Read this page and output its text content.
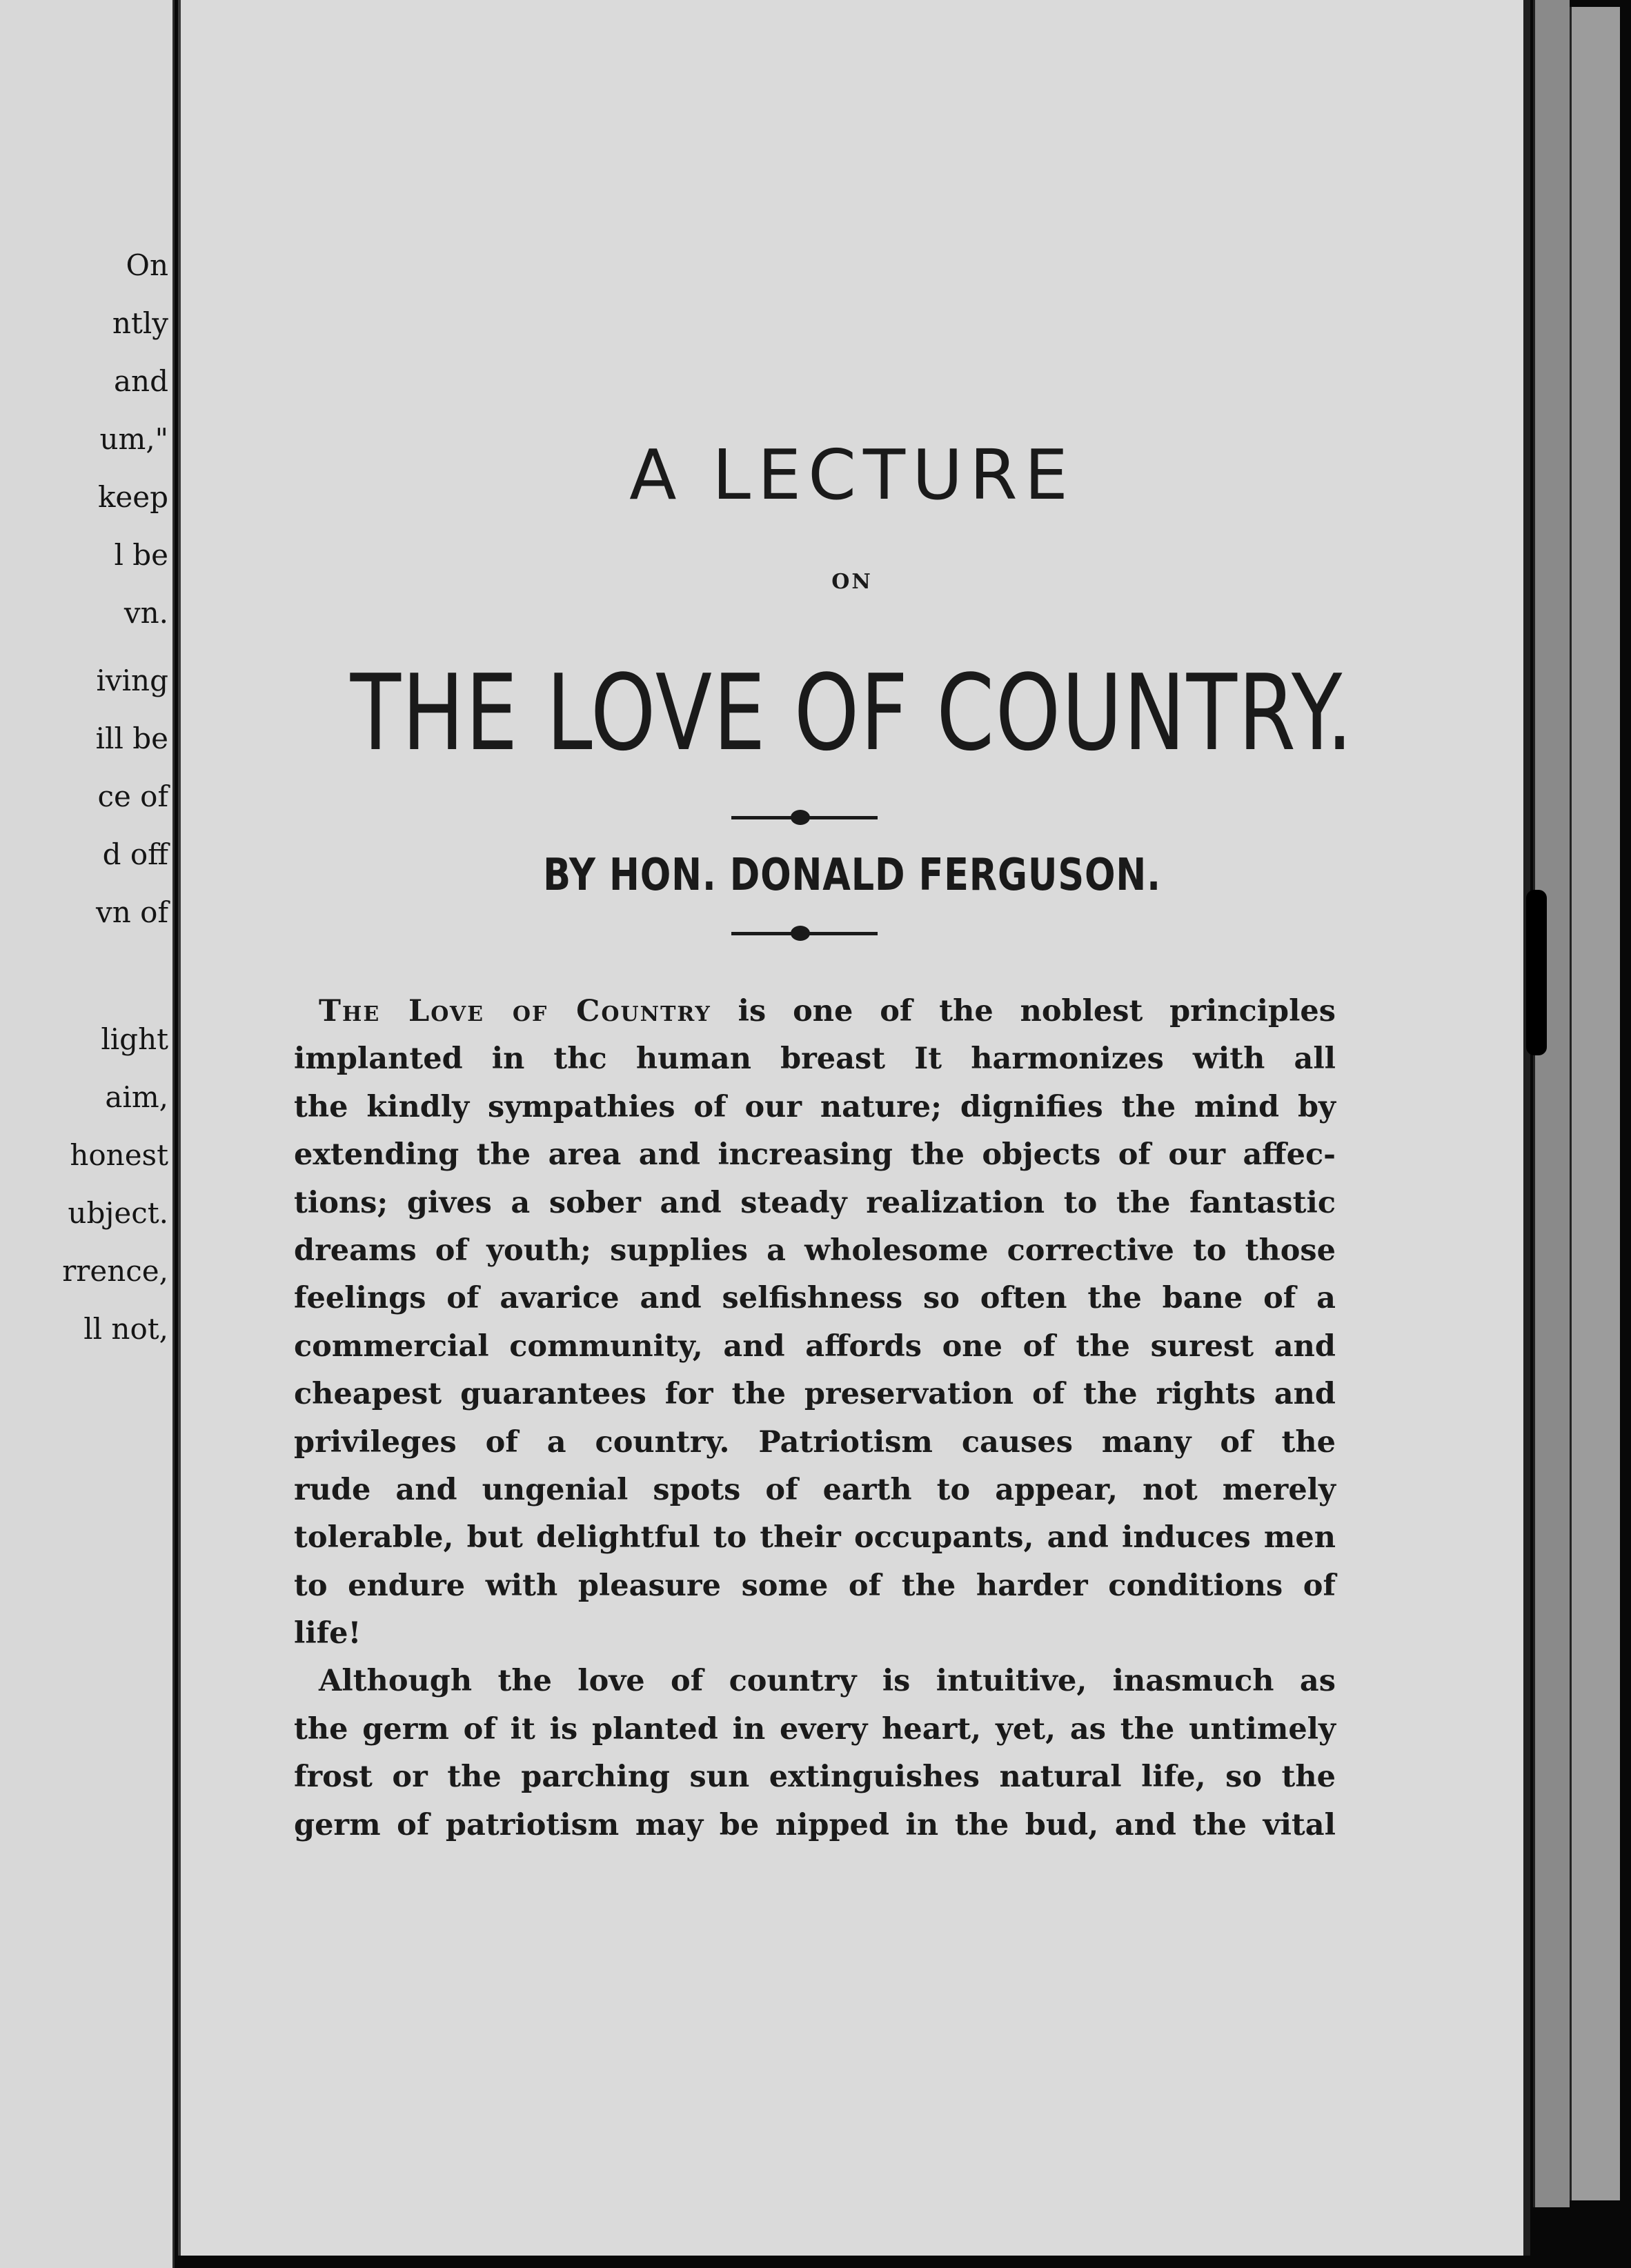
On
ntly
and
um,"
keep
l be
vn.
iving
ill be
ce of
d off
vn of
light
aim,
honest
ubject.
rrence,
ll not,
A LECTURE
ON
THE LOVE OF COUNTRY.
BY HON. DONALD FERGUSON.
The Love of Country is one of the noblest principles
implanted in thc human breast It harmonizes with all
the kindly sympathies of our nature; dignifies the mind by
extending the area and increasing the objects of our affec-
tions; gives a sober and steady realization to the fantastic
dreams of youth; supplies a wholesome corrective to those
feelings of avarice and selfishness so often the bane of a
commercial community, and affords one of the surest and
cheapest guarantees for the preservation of the rights and
privileges of a country. Patriotism causes many of the
rude and ungenial spots of earth to appear, not merely
tolerable, but delightful to their occupants, and induces men
to endure with pleasure some of the harder conditions of
life!
Although the love of country is intuitive, inasmuch as
the germ of it is planted in every heart, yet, as the untimely
frost or the parching sun extinguishes natural life, so the
germ of patriotism may be nipped in the bud, and the vital
